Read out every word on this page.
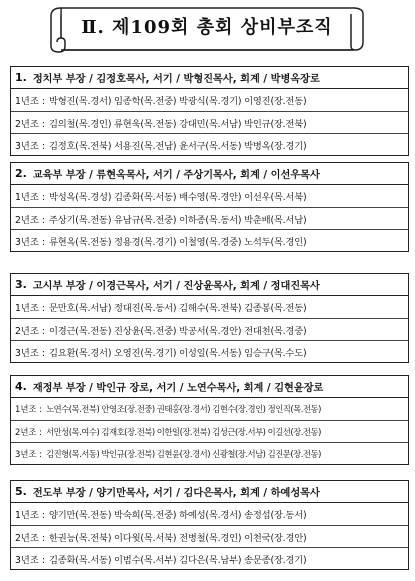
Ⅱ. 제109회 총회 상비부조직
1. 정치부 부장 / 김정호목사, 서기 / 박형진목사, 회계 / 박병옥장로
1년조 : 박형진(목.경서) 임종학(목.전중) 박광식(목.경기) 이영진(장.전동)
2년조 : 김의철(목.경인) 류현욱(목.전동) 강대민(목.서남) 박인규(장.전북)
3년조 : 김정호(목.전북) 서용진(목.전남) 윤서구(목.서동) 박병옥(장.경기)
2. 교육부 부장 / 류현옥목사, 서기 / 주상기목사, 회계 / 이선우목사
1년조 : 박성옥(목.경성) 김종화(목.서동) 배수영(목.경안) 이선우(목.서북)
2년조 : 주상기(목.전동) 유남규(목.전중) 이하종(목.동서) 박춘배(목.서남)
3년조 : 류현옥(목.전동) 정용경(목.경기) 이철영(목.경중) 노석두(목.경인)
3. 고시부 부장 / 이경근목사, 서기 / 진상윤목사, 회계 / 정대진목사
1년조 : 문만호(목.서남) 정대진(목.동서) 김해수(목.전북) 김종봉(목.전동)
2년조 : 이경근(목.전동) 진상윤(목.전중) 박공서(목.경안) 전대천(목.경중)
3년조 : 김요환(목.경서) 오영진(목.경기) 이성일(목.서동) 임승구(목.수도)
4. 재정부 부장 / 박인규 장로, 서기 / 노연수목사, 회계 / 김현윤장로
1년조 : 노연수(목.전북) 안영조(장.전중) 권태홍(장.경서) 김현수(장.경인) 정인직(목.전동)
2년조 : 서만성(목.여수) 김재호(장.전북) 이한일(장.전북) 김성근(장.서부) 이길선(장.전동)
3년조 : 김진형(목.서동) 박인규(장.전북) 김현윤(장.경서) 신광철(장.서남) 김진문(장.전동)
5. 전도부 부장 / 양기만목사, 서기 / 김다은목사, 회계 / 하예성목사
1년조 : 양기만(목.전동) 박숙희(목.전중) 하예성(목.경서) 송정섭(장.동서)
2년조 : 한권능(목.전북) 이다윗(목.서북) 전병철(목.경인) 이천국(장.경안)
3년조 : 김종화(목.서동) 이범수(목.서부) 김다은(목.남부) 송문종(장.경기)
